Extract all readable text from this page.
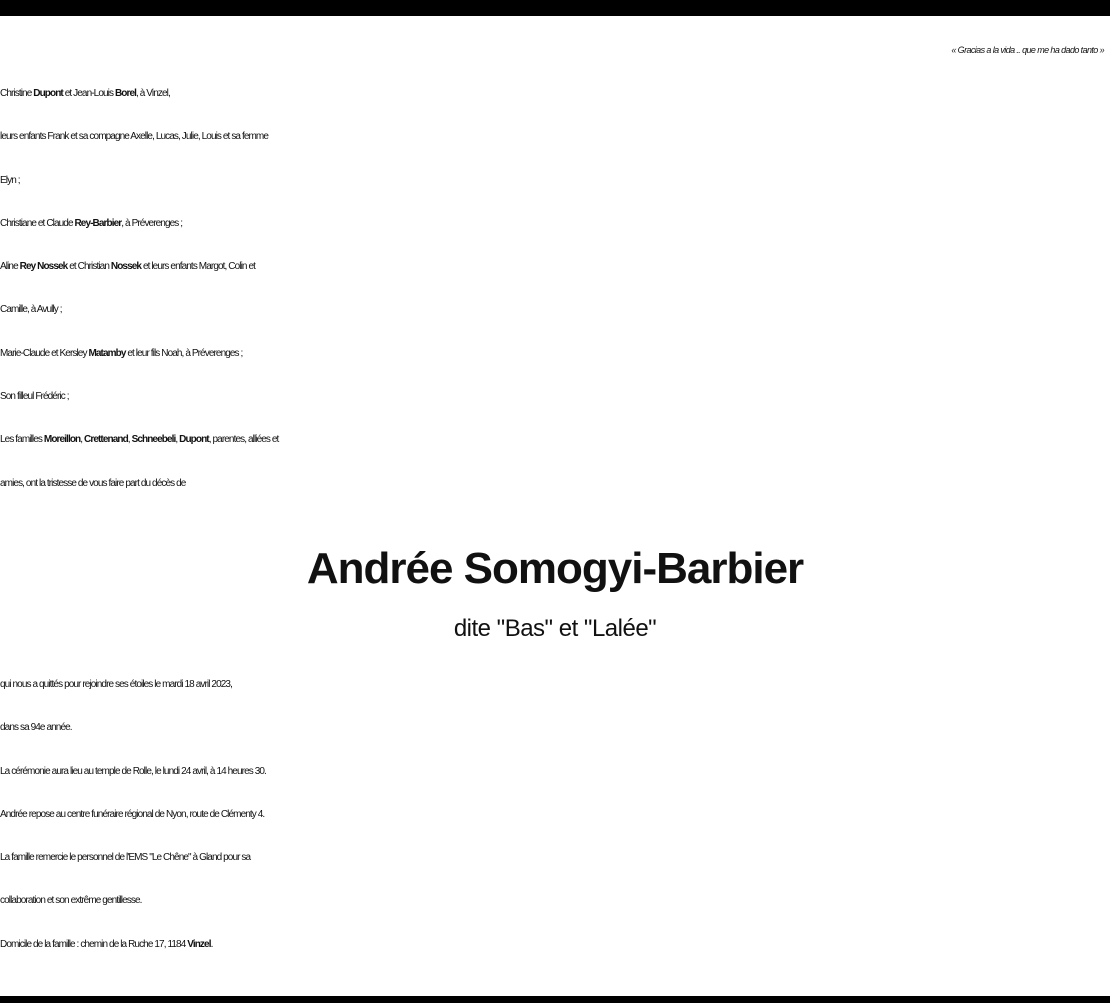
« Gracias a la vida .. que me ha dado tanto »
Christine Dupont et Jean-Louis Borel, à Vinzel,
leurs enfants Frank et sa compagne Axelle, Lucas, Julie, Louis et sa femme
Elyn ;
Christiane et Claude Rey-Barbier, à Préverenges ;
Aline Rey Nossek et Christian Nossek et leurs enfants Margot, Colin et
Camille, à Avully ;
Marie-Claude et Kersley Matamby et leur fils Noah, à Préverenges ;
Son filleul Frédéric ;
Les familles Moreillon, Crettenand, Schneebeli, Dupont, parentes, alliées et
amies, ont la tristesse de vous faire part du décès de
Andrée Somogyi-Barbier
dite "Bas" et "Lalée"
qui nous a quittés pour rejoindre ses étoiles le mardi 18 avril 2023,
dans sa 94e année.
La cérémonie aura lieu au temple de Rolle, le lundi 24 avril, à 14 heures 30.
Andrée repose au centre funéraire régional de Nyon, route de Clémenty 4.
La famille remercie le personnel de l'EMS "Le Chêne" à Gland pour sa
collaboration et son extrême gentillesse.
Domicile de la famille : chemin de la Ruche 17, 1184 Vinzel.
